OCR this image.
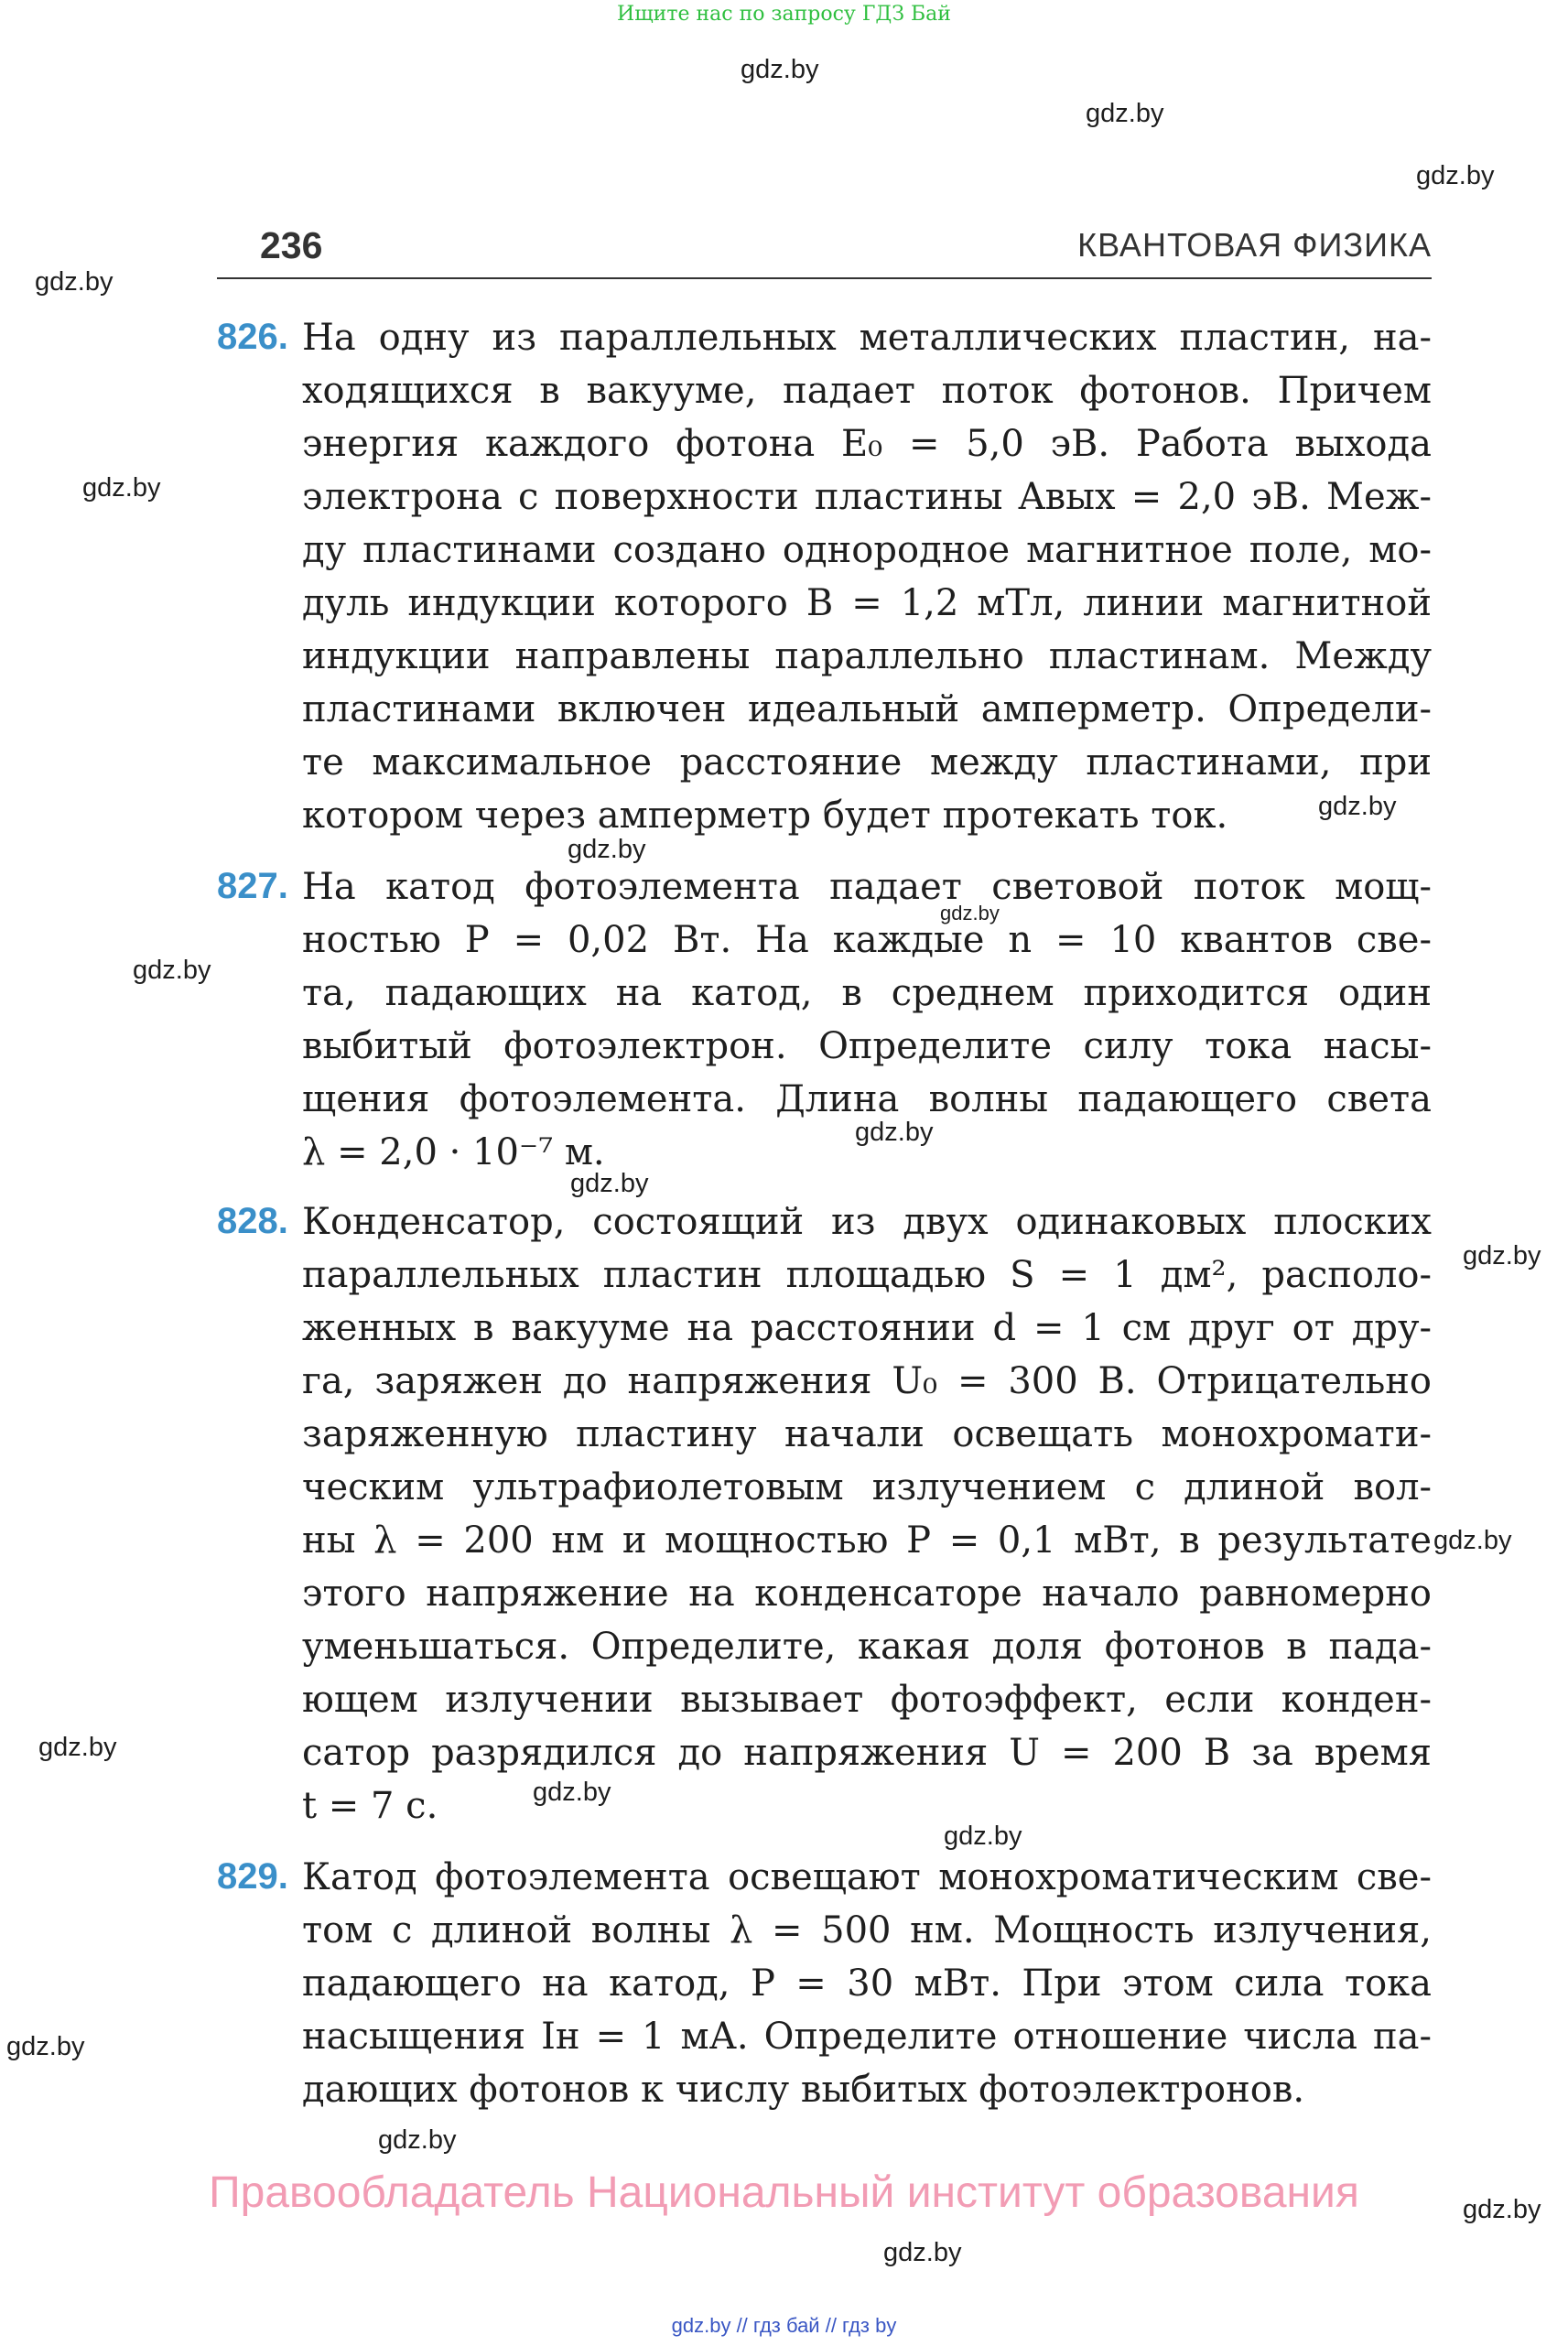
Ищите нас по запросу ГДЗ Бай
gdz.by
gdz.by
gdz.by
gdz.by
gdz.by
gdz.by
gdz.by
gdz.by
gdz.by
gdz.by
gdz.by
gdz.by
gdz.by
gdz.by
gdz.by
gdz.by
gdz.by
gdz.by
gdz.by
gdz.by
236	КВАНТОВАЯ ФИЗИКА
826. На одну из параллельных металлических пластин, на-
ходящихся в вакууме, падает поток фотонов. Причем
энергия каждого фотона E₀ = 5,0 эВ. Работа выхода
электрона с поверхности пластины Aвых = 2,0 эВ. Меж-
ду пластинами создано однородное магнитное поле, мо-
дуль индукции которого B = 1,2 мТл, линии магнитной
индукции направлены параллельно пластинам. Между
пластинами включен идеальный амперметр. Определи-
те максимальное расстояние между пластинами, при
котором через амперметр будет протекать ток.
827. На катод фотоэлемента падает световой поток мощ-
ностью P = 0,02 Вт. На каждые n = 10 квантов све-
та, падающих на катод, в среднем приходится один
выбитый фотоэлектрон. Определите силу тока насы-
щения фотоэлемента. Длина волны падающего света
λ = 2,0 · 10⁻⁷ м.
828. Конденсатор, состоящий из двух одинаковых плоских
параллельных пластин площадью S = 1 дм², располо-
женных в вакууме на расстоянии d = 1 см друг от дру-
га, заряжен до напряжения U₀ = 300 В. Отрицательно
заряженную пластину начали освещать монохромати-
ческим ультрафиолетовым излучением с длиной вол-
ны λ = 200 нм и мощностью P = 0,1 мВт, в результате
этого напряжение на конденсаторе начало равномерно
уменьшаться. Определите, какая доля фотонов в пада-
ющем излучении вызывает фотоэффект, если конден-
сатор разрядился до напряжения U = 200 В за время
t = 7 с.
829. Катод фотоэлемента освещают монохроматическим све-
том с длиной волны λ = 500 нм. Мощность излучения,
падающего на катод, P = 30 мВт. При этом сила тока
насыщения Iн = 1 мА. Определите отношение числа па-
дающих фотонов к числу выбитых фотоэлектронов.
Правообладатель Национальный институт образования
gdz.by // гдз бай // гдз by
